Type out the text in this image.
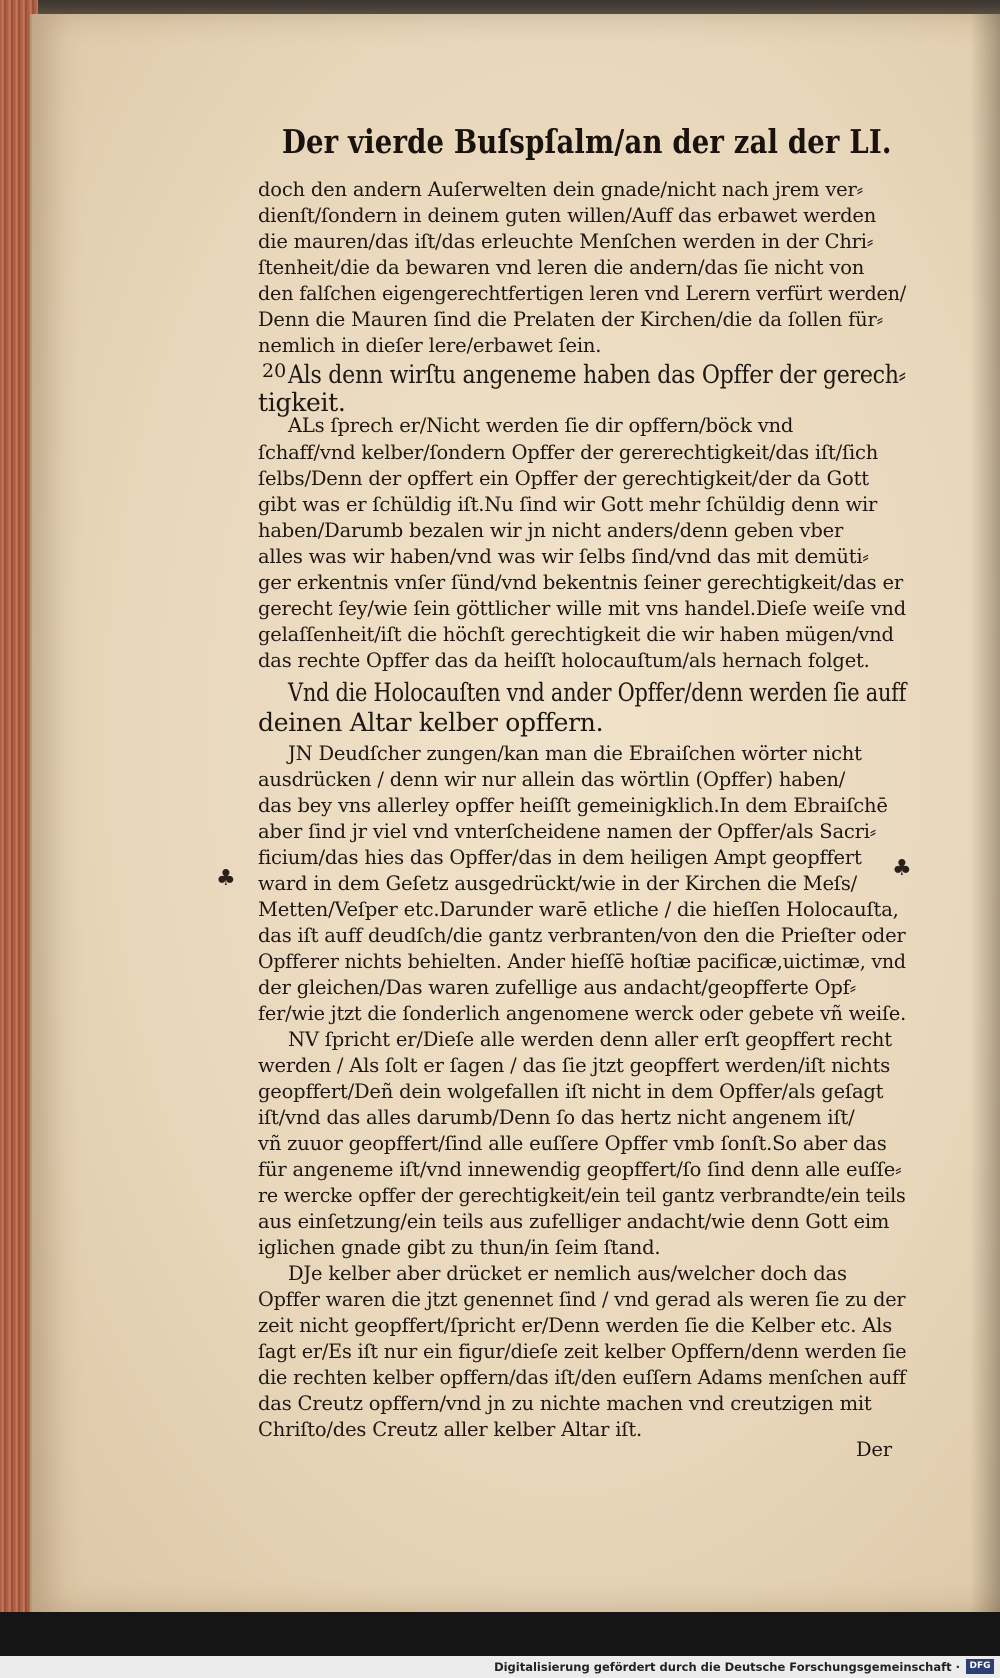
Der vierde Buſspſalm/an der zal der LI.
20
♣	♣
doch den andern Auſerwelten dein gnade/nicht nach jrem ver⸗
dienſt/ſondern in deinem guten willen/Auff das erbawet werden
die mauren/das iſt/das erleuchte Menſchen werden in der Chri⸗
ſtenheit/die da bewaren vnd leren die andern/das ſie nicht von
den falſchen eigengerechtfertigen leren vnd Lerern verfürt werden/
Denn die Mauren ſind die Prelaten der Kirchen/die da ſollen für⸗
nemlich in dieſer lere/erbawet ſein.
Als denn wirſtu angeneme haben das Opffer der gerech⸗
tigkeit.
ALs ſprech er/Nicht werden ſie dir opffern/böck vnd
ſchaff/vnd kelber/ſondern Opffer der gererechtigkeit/das iſt/ſich
ſelbs/Denn der opffert ein Opffer der gerechtigkeit/der da Gott
gibt was er ſchüldig iſt.Nu ſind wir Gott mehr ſchüldig denn wir
haben/Darumb bezalen wir jn nicht anders/denn geben vber
alles was wir haben/vnd was wir ſelbs ſind/vnd das mit demüti⸗
ger erkentnis vnſer ſünd/vnd bekentnis ſeiner gerechtigkeit/das er
gerecht ſey/wie ſein göttlicher wille mit vns handel.Dieſe weiſe vnd
gelaſſenheit/iſt die höchſt gerechtigkeit die wir haben mügen/vnd
das rechte Opffer das da heiſſt holocauſtum/als hernach folget.
Vnd die Holocauſten vnd ander Opffer/denn werden ſie auff
deinen Altar kelber opffern.
JN Deudſcher zungen/kan man die Ebraiſchen wörter nicht
ausdrücken / denn wir nur allein das wörtlin (Opffer) haben/
das bey vns allerley opffer heiſſt gemeinigklich.In dem Ebraiſchē
aber ſind jr viel vnd vnterſcheidene namen der Opffer/als Sacri⸗
ficium/das hies das Opffer/das in dem heiligen Ampt geopffert
ward in dem Geſetz ausgedrückt/wie in der Kirchen die Meſs/
Metten/Veſper etc.Darunder warē etliche / die hieſſen Holocauſta,
das iſt auff deudſch/die gantz verbranten/von den die Prieſter oder
Opfferer nichts behielten. Ander hieſſē hoſtiæ pacificæ,uictimæ, vnd
der gleichen/Das waren zufellige aus andacht/geopfferte Opf⸗
fer/wie jtzt die ſonderlich angenomene werck oder gebete vñ weiſe.
NV ſpricht er/Dieſe alle werden denn aller erſt geopffert recht
werden / Als ſolt er ſagen / das ſie jtzt geopffert werden/iſt nichts
geopffert/Deñ dein wolgefallen iſt nicht in dem Opffer/als geſagt
iſt/vnd das alles darumb/Denn ſo das hertz nicht angenem iſt/
vñ zuuor geopffert/ſind alle euſſere Opffer vmb ſonſt.So aber das
für angeneme iſt/vnd innewendig geopffert/ſo ſind denn alle euſſe⸗
re wercke opffer der gerechtigkeit/ein teil gantz verbrandte/ein teils
aus einſetzung/ein teils aus zufelliger andacht/wie denn Gott eim
iglichen gnade gibt zu thun/in ſeim ſtand.
DJe kelber aber drücket er nemlich aus/welcher doch das
Opffer waren die jtzt genennet ſind / vnd gerad als weren ſie zu der
zeit nicht geopffert/ſpricht er/Denn werden ſie die Kelber etc. Als
ſagt er/Es iſt nur ein figur/dieſe zeit kelber Opffern/denn werden ſie
die rechten kelber opffern/das iſt/den euſſern Adams menſchen auff
das Creutz opffern/vnd jn zu nichte machen vnd creutzigen mit
Chriſto/des Creutz aller kelber Altar iſt.
Der
Digitalisierung gefördert durch die Deutsche Forschungsgemeinschaft ·	DFG
